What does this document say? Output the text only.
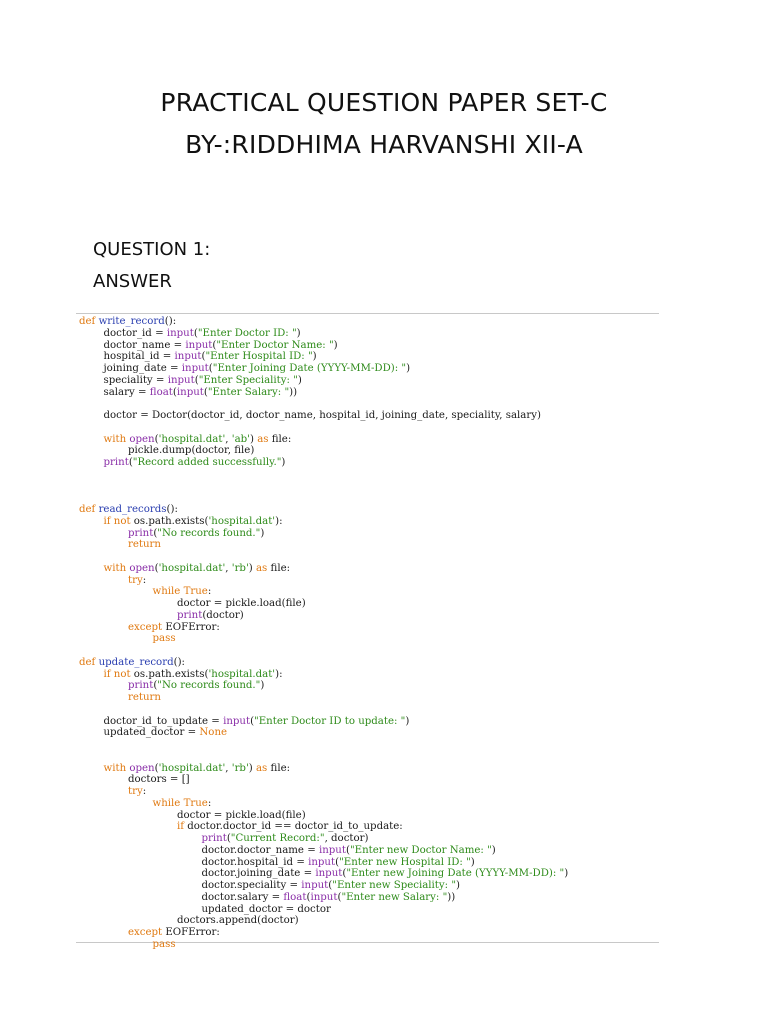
PRACTICAL QUESTION PAPER SET-C
BY-:RIDDHIMA HARVANSHI XII-A
QUESTION 1:
ANSWER
def write_record():
doctor_id = input("Enter Doctor ID: ")
doctor_name = input("Enter Doctor Name: ")
hospital_id = input("Enter Hospital ID: ")
joining_date = input("Enter Joining Date (YYYY-MM-DD): ")
speciality = input("Enter Speciality: ")
salary = float(input("Enter Salary: "))
doctor = Doctor(doctor_id, doctor_name, hospital_id, joining_date, speciality, salary)
with open('hospital.dat', 'ab') as file:
pickle.dump(doctor, file)
print("Record added successfully.")
def read_records():
if not os.path.exists('hospital.dat'):
print("No records found.")
return
with open('hospital.dat', 'rb') as file:
try:
while True:
doctor = pickle.load(file)
print(doctor)
except EOFError:
pass
def update_record():
if not os.path.exists('hospital.dat'):
print("No records found.")
return
doctor_id_to_update = input("Enter Doctor ID to update: ")
updated_doctor = None
with open('hospital.dat', 'rb') as file:
doctors = []
try:
while True:
doctor = pickle.load(file)
if doctor.doctor_id == doctor_id_to_update:
print("Current Record:", doctor)
doctor.doctor_name = input("Enter new Doctor Name: ")
doctor.hospital_id = input("Enter new Hospital ID: ")
doctor.joining_date = input("Enter new Joining Date (YYYY-MM-DD): ")
doctor.speciality = input("Enter new Speciality: ")
doctor.salary = float(input("Enter new Salary: "))
updated_doctor = doctor
doctors.append(doctor)
except EOFError:
pass
